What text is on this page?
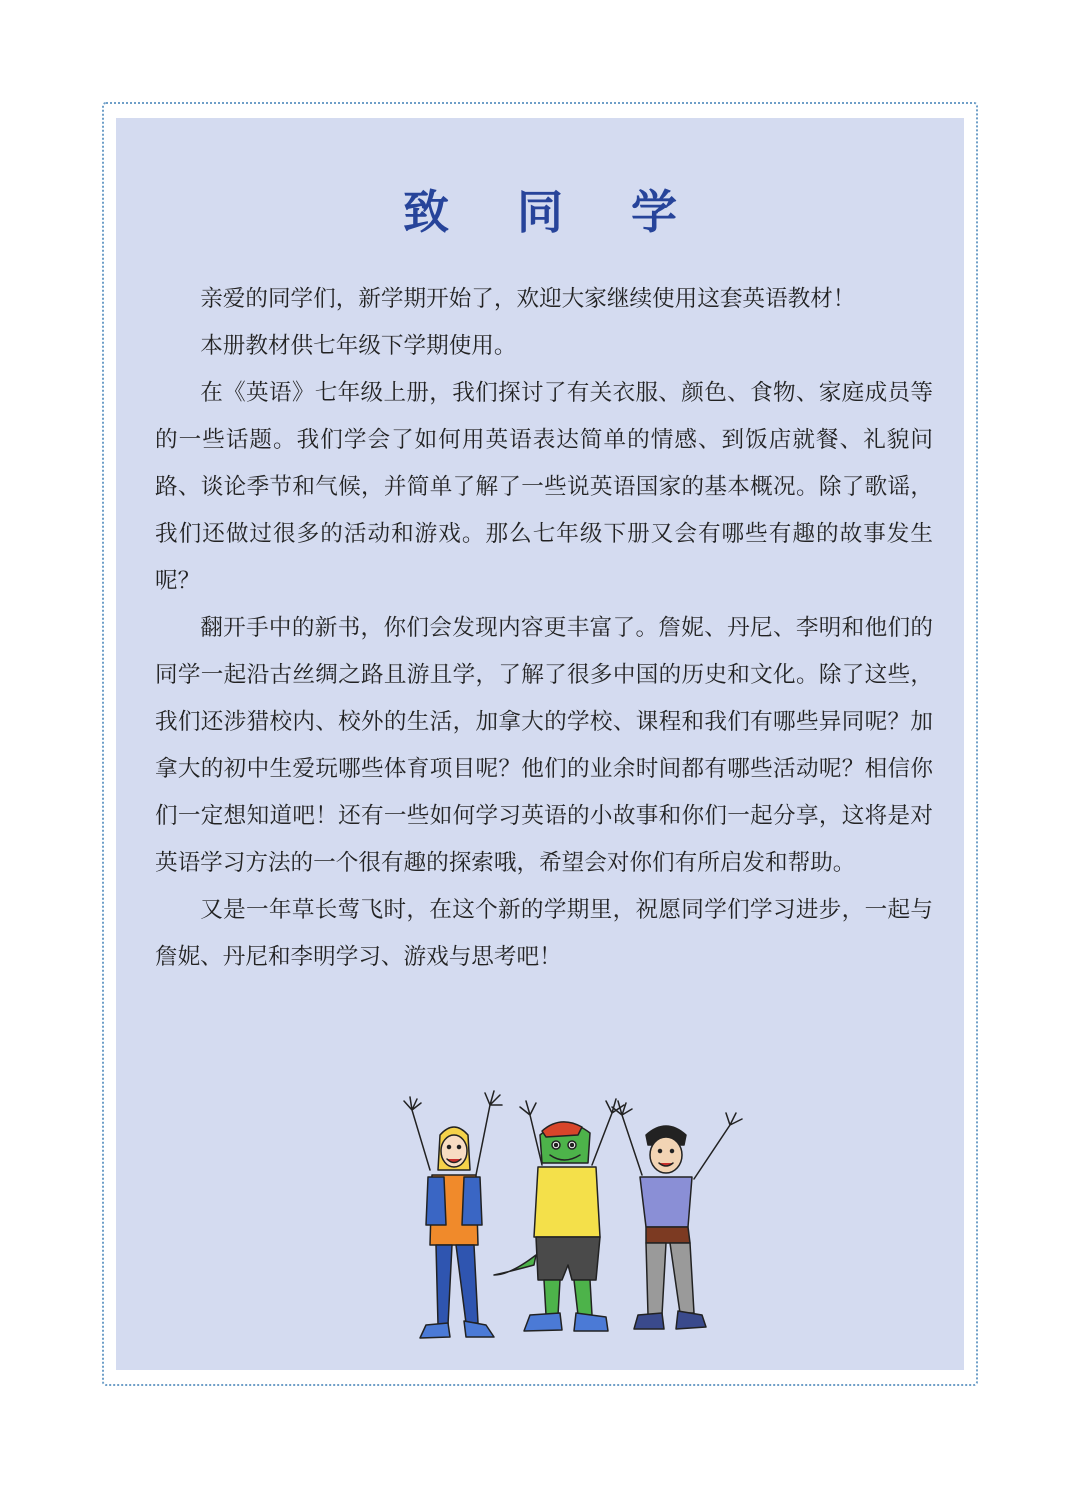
致 同 学

亲爱的同学们，新学期开始了，欢迎大家继续使用这套英语教材！

本册教材供七年级下学期使用。

在《英语》七年级上册，我们探讨了有关衣服、颜色、食物、家庭成员等的一些话题。我们学会了如何用英语表达简单的情感、到饭店就餐、礼貌问路、谈论季节和气候，并简单了解了一些说英语国家的基本概况。除了歌谣，我们还做过很多的活动和游戏。那么七年级下册又会有哪些有趣的故事发生呢？

翻开手中的新书，你们会发现内容更丰富了。詹妮、丹尼、李明和他们的同学一起沿古丝绸之路且游且学，了解了很多中国的历史和文化。除了这些，我们还涉猎校内、校外的生活，加拿大的学校、课程和我们有哪些异同呢？加拿大的初中生爱玩哪些体育项目呢？他们的业余时间都有哪些活动呢？相信你们一定想知道吧！还有一些如何学习英语的小故事和你们一起分享，这将是对英语学习方法的一个很有趣的探索哦，希望会对你们有所启发和帮助。

又是一年草长莺飞时，在这个新的学期里，祝愿同学们学习进步，一起与詹妮、丹尼和李明学习、游戏与思考吧！
